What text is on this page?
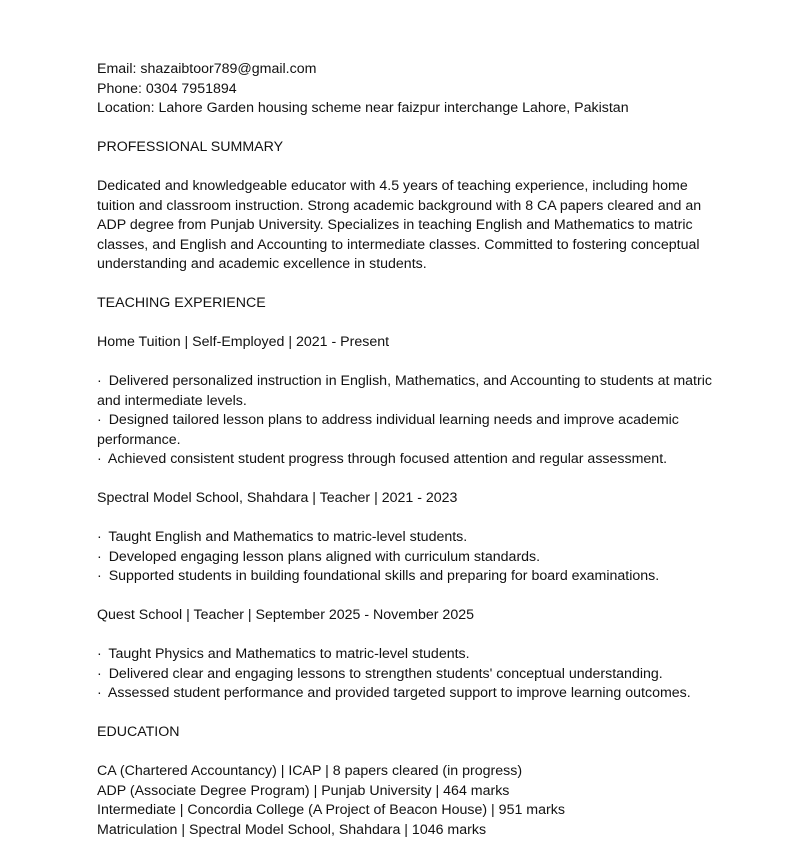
Email: shazaibtoor789@gmail.com

Phone: 0304 7951894

Location: Lahore Garden housing scheme near faizpur interchange Lahore, Pakistan

PROFESSIONAL SUMMARY

Dedicated and knowledgeable educator with 4.5 years of teaching experience, including home tuition and classroom instruction. Strong academic background with 8 CA papers cleared and an ADP degree from Punjab University. Specializes in teaching English and Mathematics to matric classes, and English and Accounting to intermediate classes. Committed to fostering conceptual understanding and academic excellence in students.

TEACHING EXPERIENCE

Home Tuition | Self-Employed | 2021 - Present

· Delivered personalized instruction in English, Mathematics, and Accounting to students at matric and intermediate levels.
· Designed tailored lesson plans to address individual learning needs and improve academic performance.
· Achieved consistent student progress through focused attention and regular assessment.

Spectral Model School, Shahdara | Teacher | 2021 - 2023

· Taught English and Mathematics to matric-level students.
· Developed engaging lesson plans aligned with curriculum standards.
· Supported students in building foundational skills and preparing for board examinations.

Quest School | Teacher | September 2025 - November 2025

· Taught Physics and Mathematics to matric-level students.
· Delivered clear and engaging lessons to strengthen students' conceptual understanding.
· Assessed student performance and provided targeted support to improve learning outcomes.

EDUCATION

CA (Chartered Accountancy) | ICAP | 8 papers cleared (in progress)
ADP (Associate Degree Program) | Punjab University | 464 marks
Intermediate | Concordia College (A Project of Beacon House) | 951 marks
Matriculation | Spectral Model School, Shahdara | 1046 marks
